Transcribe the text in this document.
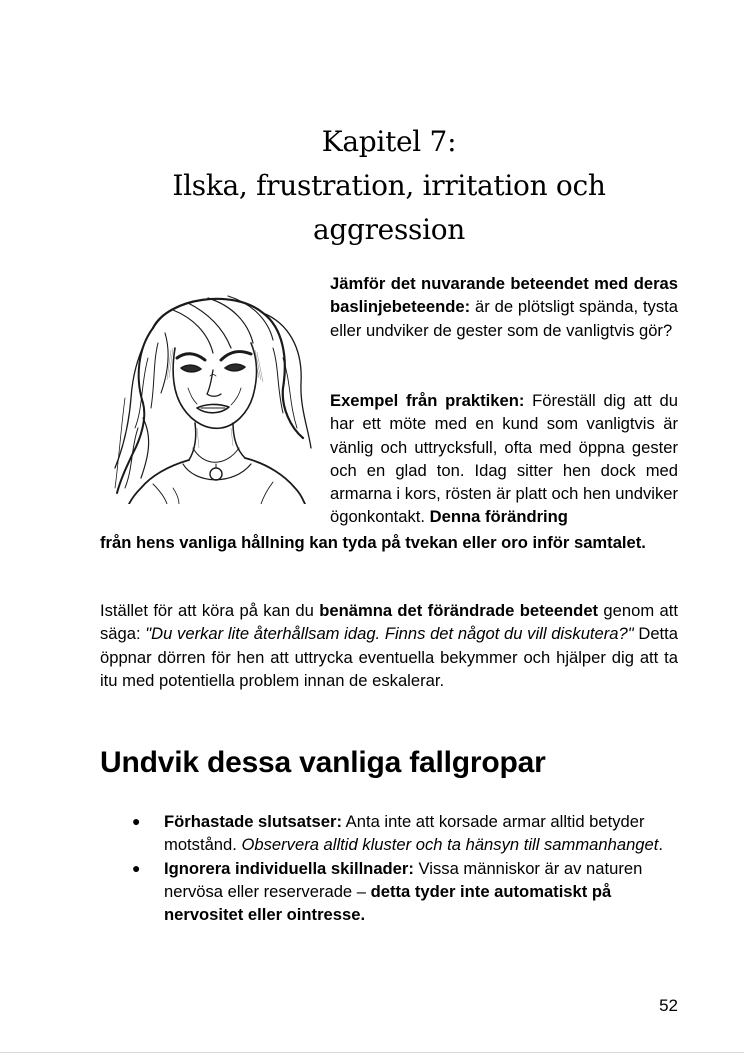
Kapitel 7:
Ilska, frustration, irritation och
aggression

Jämför det nuvarande beteendet med deras baslinjebeteende: är de plötsligt spända, tysta eller undviker de gester som de vanligtvis gör?

Exempel från praktiken: Föreställ dig att du har ett möte med en kund som vanligtvis är vänlig och uttrycksfull, ofta med öppna gester och en glad ton. Idag sitter hen dock med armarna i kors, rösten är platt och hen undviker ögonkontakt. Denna förändring

från hens vanliga hållning kan tyda på tvekan eller oro inför samtalet.

Istället för att köra på kan du benämna det förändrade beteendet genom att säga: "Du verkar lite återhållsam idag. Finns det något du vill diskutera?" Detta öppnar dörren för hen att uttrycka eventuella bekymmer och hjälper dig att ta itu med potentiella problem innan de eskalerar.

Undvik dessa vanliga fallgropar
● Förhastade slutsatser: Anta inte att korsade armar alltid betyder motstånd. Observera alltid kluster och ta hänsyn till sammanhanget.
● Ignorera individuella skillnader: Vissa människor är av naturen nervösa eller reserverade – detta tyder inte automatiskt på nervositet eller ointresse.
52
